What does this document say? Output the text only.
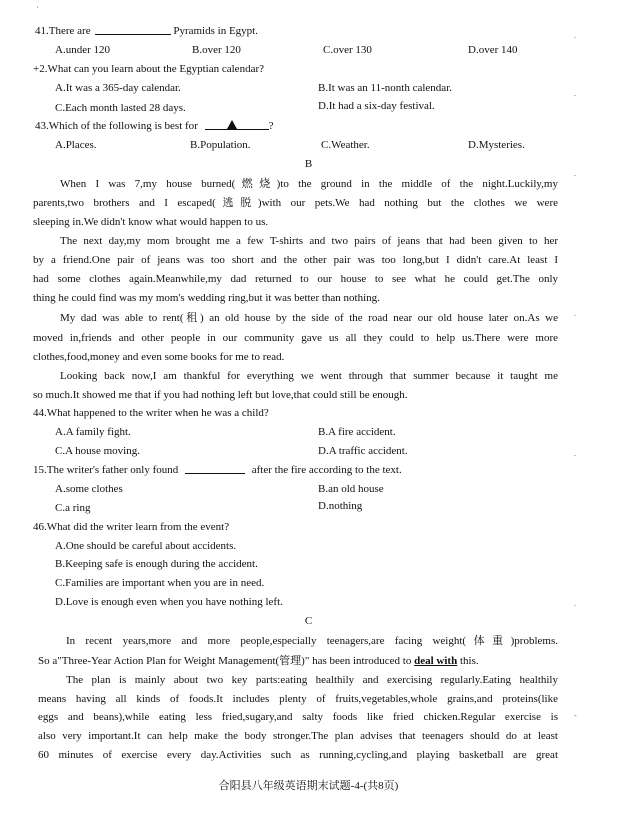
'
.
.
.
.
.
.
-
41.There are	Pyramids in Egypt.
A.under 120	B.over 120	C.over 130	D.over 140
+2.What can you learn about the Egyptian calendar?
A.It was a 365-day calendar.	B.It was an 11-nonth calendar.
C.Each month lasted 28 days.	D.It had a six-day festival.
43.Which of the following is best for	?
A.Places.	B.Population.	C.Weather.	D.Mysteries.
B
When I was 7,my house burned(燃烧)to the ground in the middle of the night.Luckily,my
parents,two brothers and I escaped(逃脱)with our pets.We had nothing but the clothes we were
sleeping in.We didn't know what would happen to us.
The next day,my mom brought me a few T-shirts and two pairs of jeans that had been given to her
by a friend.One pair of jeans was too short and the other pair was too long,but I didn't care.At least I
had some clothes again.Meanwhile,my dad returned to our house to see what he could get.The only
thing he could find was my mom's wedding ring,but it was better than nothing.
My dad was able to rent(租) an old house by the side of the road near our old house later on.As we
moved in,friends and other people in our community gave us all they could to help us.There were more
clothes,food,money and even some books for me to read.
Looking back now,I am thankful for everything we went through that summer because it taught me
so much.It showed me that if you had nothing left but love,that could still be enough.
44.What happened to the writer when he was a child?
A.A family fight.	B.A fire accident.
C.A house moving.	D.A traffic accident.
15.The writer's father only found	after the fire according to the text.
A.some clothes	B.an old house
C.a ring	D.nothing
46.What did the writer learn from the event?
A.One should be careful about accidents.
B.Keeping safe is enough during the accident.
C.Families are important when you are in need.
D.Love is enough even when you have nothing left.
C
In recent years,more and more people,especially teenagers,are facing weight(体重)problems.
So a"Three-Year Action Plan for Weight Management(管理)" has been introduced to deal with this.
The plan is mainly about two key parts:eating healthily and exercising regularly.Eating healthily
means having all kinds of foods.It includes plenty of fruits,vegetables,whole grains,and proteins(like
eggs and beans),while eating less fried,sugary,and salty foods like fried chicken.Regular exercise is
also very important.It can help make the body stronger.The plan advises that teenagers should do at least
60 minutes of exercise every day.Activities such as running,cycling,and playing basketball are great
合阳县八年级英语期末试题-4-(共8页)
